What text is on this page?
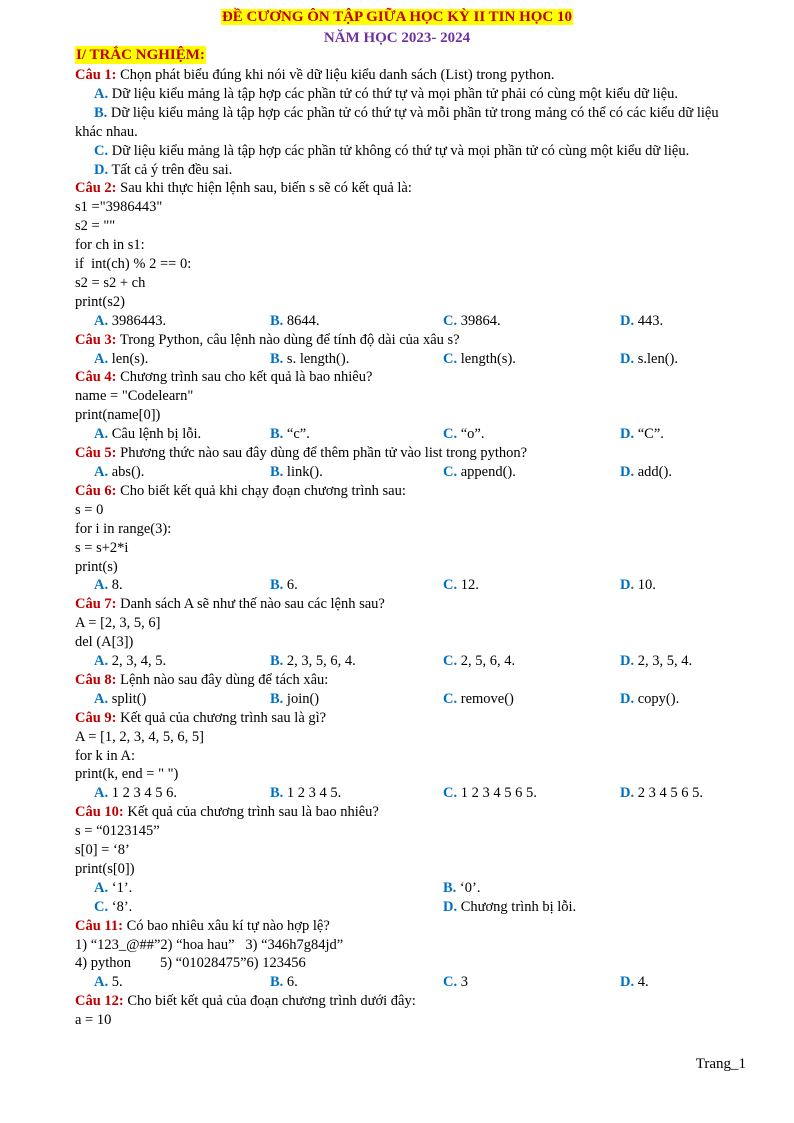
ĐỀ CƯƠNG ÔN TẬP GIỮA HỌC KỲ II TIN HỌC 10
NĂM HỌC 2023- 2024
I/ TRẮC NGHIỆM:

Câu 1: Chọn phát biểu đúng khi nói về dữ liệu kiểu danh sách (List) trong python.

A. Dữ liệu kiểu mảng là tập hợp các phần tử có thứ tự và mọi phần tử phải có cùng một kiểu dữ liệu.

B. Dữ liệu kiểu mảng là tập hợp các phần tử có thứ tự và mỗi phần tử trong mảng có thể có các kiểu dữ liệu khác nhau.

C. Dữ liệu kiểu mảng là tập hợp các phần tử không có thứ tự và mọi phần tử có cùng một kiểu dữ liệu.

D. Tất cả ý trên đều sai.

Câu 2: Sau khi thực hiện lệnh sau, biến s sẽ có kết quả là:

s1 ="3986443"

s2 = ""

for ch in s1:

if  int(ch) % 2 == 0:

s2 = s2 + ch

print(s2)

A. 3986443.	B. 8644.	C. 39864.	D. 443.

Câu 3: Trong Python, câu lệnh nào dùng để tính độ dài của xâu s?

A. len(s).	B. s. length().	C. length(s).	D. s.len().

Câu 4: Chương trình sau cho kết quả là bao nhiêu?

name = "Codelearn"

print(name[0])

A. Câu lệnh bị lỗi.	B. “c”.	C. “o”.	D. “C”.

Câu 5: Phương thức nào sau đây dùng để thêm phần tử vào list trong python?

A. abs().	B. link().	C. append().	D. add().

Câu 6: Cho biết kết quả khi chạy đoạn chương trình sau:

s = 0

for i in range(3):

s = s+2*i

print(s)

A. 8.	B. 6.	C. 12.	D. 10.

Câu 7: Danh sách A sẽ như thế nào sau các lệnh sau?

A = [2, 3, 5, 6]

del (A[3])

A. 2, 3, 4, 5.	B. 2, 3, 5, 6, 4.	C. 2, 5, 6, 4.	D. 2, 3, 5, 4.

Câu 8: Lệnh nào sau đây dùng để tách xâu:

A. split()	B. join()	C. remove()	D. copy().

Câu 9: Kết quả của chương trình sau là gì?

A = [1, 2, 3, 4, 5, 6, 5]

for k in A:

print(k, end = " ")

A. 1 2 3 4 5 6.	B. 1 2 3 4 5.	C. 1 2 3 4 5 6 5.	D. 2 3 4 5 6 5.

Câu 10: Kết quả của chương trình sau là bao nhiêu?

s = “0123145”

s[0] = ‘8’

print(s[0])

A. ‘1’.	B. ‘0’.
C. ‘8’.	D. Chương trình bị lỗi.

Câu 11: Có bao nhiêu xâu kí tự nào hợp lệ?

1) “123_@##”2) “hoa hau”   3) “346h7g84jd”

4) python        5) “01028475”6) 123456

A. 5.	B. 6.	C. 3	D. 4.

Câu 12: Cho biết kết quả của đoạn chương trình dưới đây:

a = 10

Trang_1
